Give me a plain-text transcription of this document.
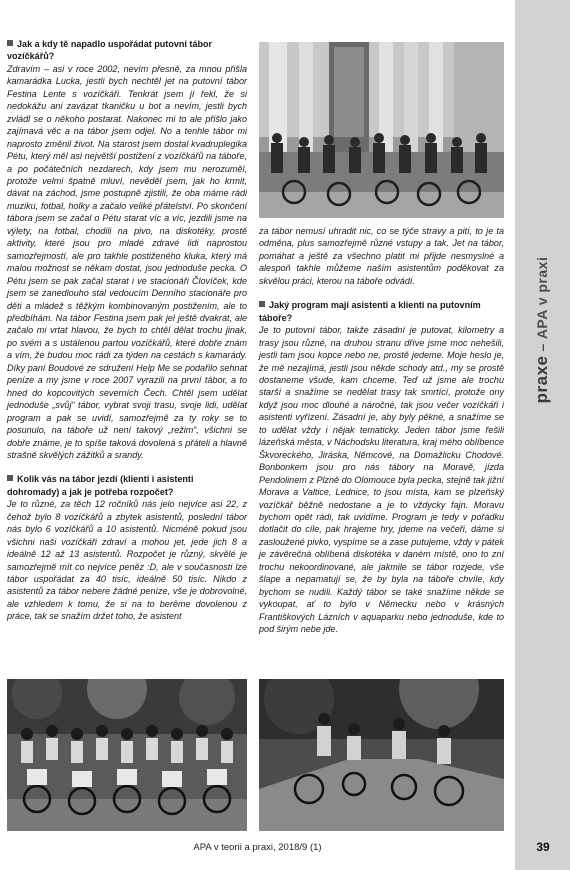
praxe–APA v praxi

Jak a kdy tě napadlo uspořádat putovní tábor vozíčkářů?

Zdravím – asi v roce 2002, nevím přesně, za mnou přišla kamarádka Lucka, jestli bych nechtěl jet na putovní tábor Festina Lente s vozíčkáři. Tenkrát jsem jí řekl, že si nedokážu ani zavázat tkaničku u bot a nevím, jestli bych zvládl se o někoho postarat. Nakonec mi to ale přišlo jako zajímavá věc a na tábor jsem odjel. No a tenhle tábor mi naprosto změnil život. Na starost jsem dostal kvadruplegika Pétu, který měl asi největší postižení z vozíčkářů na táboře, a po počátečních nezdarech, kdy jsem mu nerozuměl, protože velmi špatně mluví, nevěděl jsem, jak ho krmit, dávat na záchod, jsme postupně zjistili, že oba máme rádi muziku, fotbal, holky a začalo veliké přátelství. Po skončení tábora jsem se začal o Pétu starat víc a víc, jezdili jsme na výlety, na fotbal, chodili na pivo, na diskotéky, prostě aktivity, které jsou pro mladé zdravé lidi naprostou samozřejmostí, ale pro takhle postiženého kluka, který má malou možnost se někam dostat, jsou jednoduše pecka. O Pétu jsem se pak začal starat i ve stacionáři Človíček, kde jsem se zanedlouho stal vedoucím Denního stacionáře pro děti a mládež s těžkým kombinovaným postižením, ale to předbíhám. Na tábor Festina jsem pak jel ještě dvakrát, ale začalo mi vrtat hlavou, že bych to chtěl dělat trochu jinak, po svém a s ustálenou partou vozíčkářů, které dobře znám a vím, že budou moc rádi za týden na cestách s kamarády. Díky paní Boudové ze sdružení Help Me se podařilo sehnat peníze a my jsme v roce 2007 vyrazili na první tábor, a to hned do kopcovitých severních Čech. Chtěl jsem udělat jednoduše „svůj“ tábor, vybrat svoji trasu, svoje lidi, udělat program a pak se uvidí, samozřejmě za ty roky se to posunulo, na táboře už není takový „režim“, všichni se dobře známe, je to spíše taková dovolená s přáteli a hlavně strašně skvělých zážitků a srandy.

Kolik vás na tábor jezdí (klienti i asistenti dohromady) a jak je potřeba rozpočet?

Je to různé, za těch 12 ročníků nás jelo nejvíce asi 22, z čehož bylo 8 vozíčkářů a zbytek asistentů, poslední tábor nás bylo 6 vozíčkářů a 10 asistentů. Nicméně pokud jsou všichni naši vozíčkáři zdraví a mohou jet, jede jich 8 a ideálně 12 až 13 asistentů. Rozpočet je různý, skvělé je samozřejmě mít co nejvíce peněz :D, ale v současnosti lze tábor uspořádat za 40 tisíc, ideálně 50 tisíc. Nikdo z asistentů za tábor nebere žádné peníze, vše je dobrovolné, ale vzhledem k tomu, že si na to berême dovolenou z práce, tak se snažím držet toho, že asistent

za tábor nemusí uhradit nic, co se týče stravy a pití, to je ta odměna, plus samozřejmě různé vstupy a tak. Jet na tábor, pomáhat a ještě za všechno platit mi přijde nesmyslné a alespoň takhle můžeme naším asistentům poděkovat za skvělou práci, kterou na táboře odvádí.

Jaký program mají asistenti a klienti na putovním táboře?

Je to putovní tábor, takže zásadní je putovat, kilometry a trasy jsou různé, na druhou stranu dříve jsme moc nehešili, jestli tam jsou kopce nebo ne, prostě jedeme. Moje heslo je, že mě nezajímá, jestli jsou někde schody atd., my se prostě dostaneme všude, kam chceme. Teď už jsme ale trochu starší a snažíme se nedělat trasy tak smrtící, protože ony když jsou moc dlouhé a náročné, tak jsou večer vozíčkáři i asistenti vyřízení. Zásadní je, aby byly pěkné, a snažíme se to udělat vždy i nějak tematicky. Jeden tábor jsme řešili lázeňská města, v Náchodsku literatura, kraj mého oblíbence Škvoreckého, Jiráska, Němcové, na Domažlicku Chodové. Bonbonkem jsou pro nás tábory na Moravě, jízda Pendolinem z Plzně do Olomouce byla pecka, stejně tak jižní Morava a Valtice, Lednice, to jsou místa, kam se plzeňský vozíčkář běžně nedostane a je to vždycky fajn. Moravu bychom opět rádi, tak uvidíme. Program je tedy v pořádku dotlačit do cíle, pak hrajeme hry, jdeme na večeři, dáme si zasloužené pivko, vyspíme se a zase putujeme, vždy v pátek je závěrečná oblíbená diskotéka v daném místě, ono to zní trochu nekoordinované, ale jakmile se tábor rozjede, vše šlape a nepamatují se, že by byla na táboře chvíle, kdy bychom se nudili. Každý tábor se také snažíme někde se vykoupat, ať to bylo v Německu nebo v krásných Františkových Lázních v aquaparku nebo jednoduše, kde to pod širým nebe jde.

APA v teorii a praxi, 2018/9 (1)	39
